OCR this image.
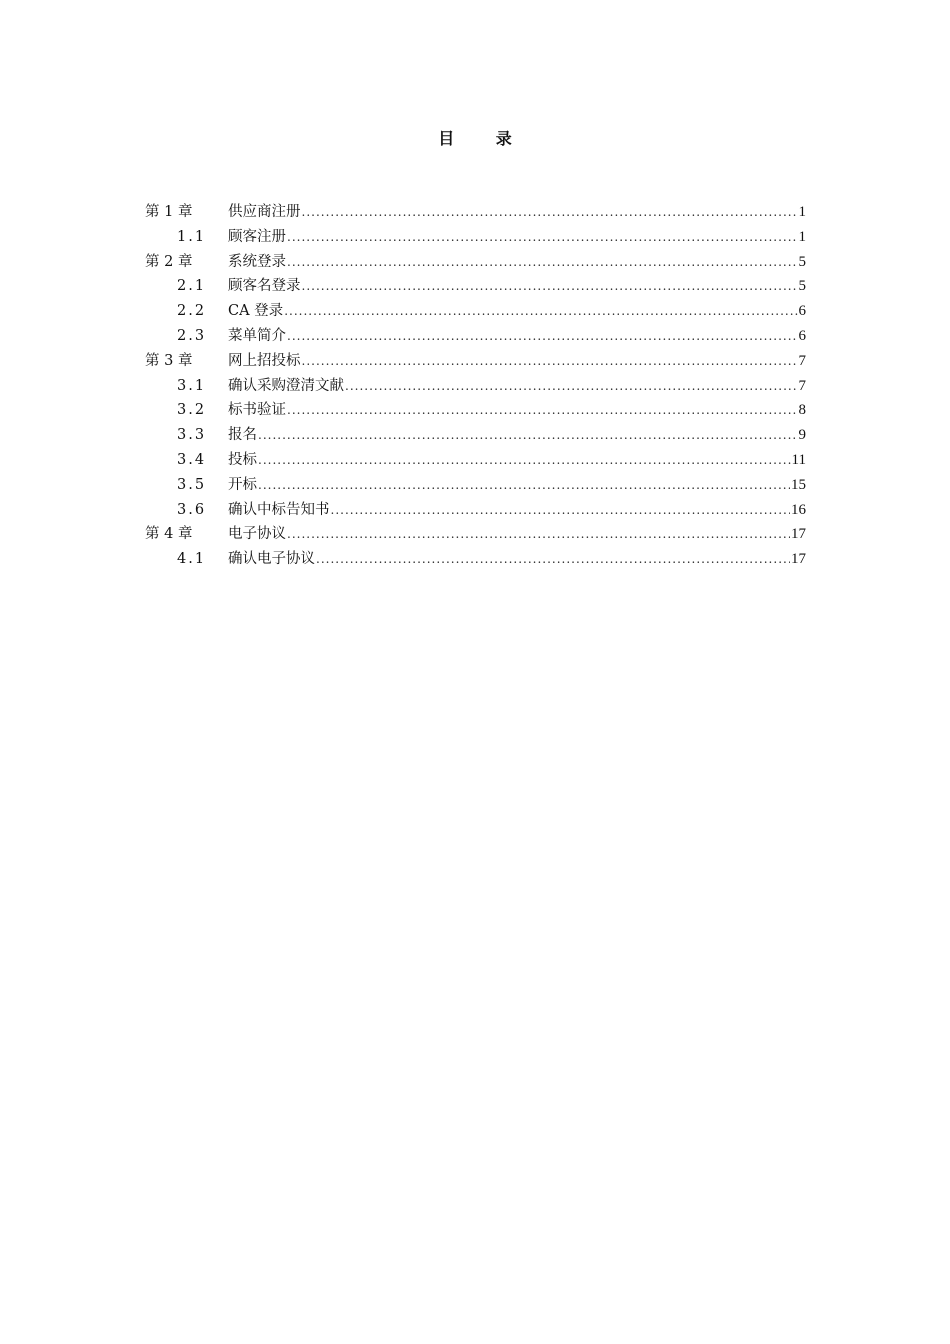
目 录
第 1 章 供应商注册 .....	1
1.1 顾客注册 .....	1
第 2 章 系统登录 .....	5
2.1 顾客名登录 .....	5
2.2 CA 登录 .....	6
2.3 菜单简介 .....	6
第 3 章 网上招投标 .....	7
3.1 确认采购澄清文献 .....	7
3.2 标书验证 .....	8
3.3 报名 .....	9
3.4 投标 .....	11
3.5 开标 .....	15
3.6 确认中标告知书 .....	16
第 4 章 电子协议 .....	17
4.1 确认电子协议 .....	17
